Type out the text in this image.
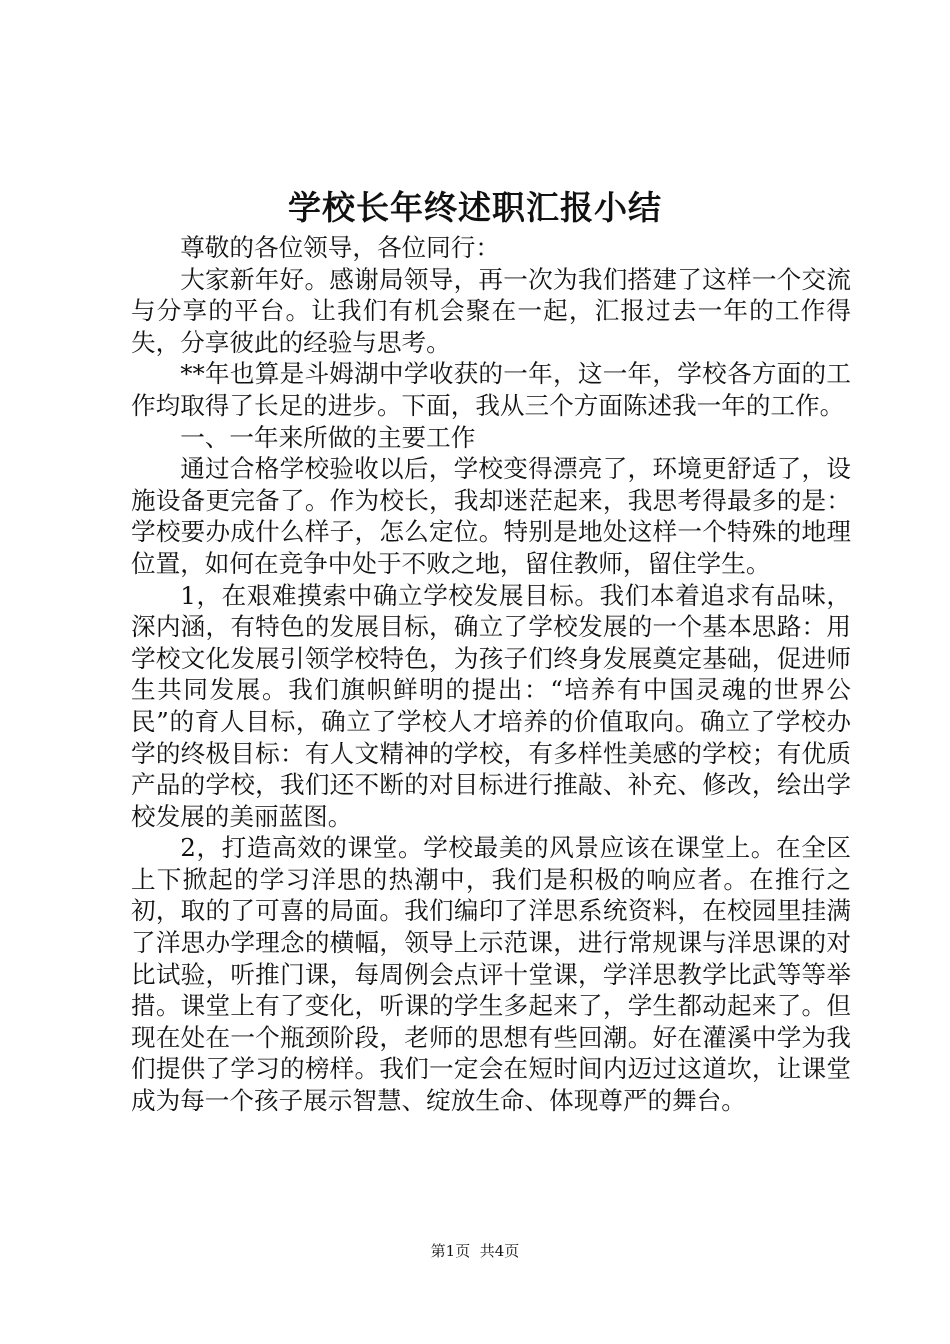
学校长年终述职汇报小结

尊敬的各位领导，各位同行：

大家新年好。感谢局领导，再一次为我们搭建了这样一个交流与分享的平台。让我们有机会聚在一起，汇报过去一年的工作得失，分享彼此的经验与思考。

**年也算是斗姆湖中学收获的一年，这一年，学校各方面的工作均取得了长足的进步。下面，我从三个方面陈述我一年的工作。

一、一年来所做的主要工作

通过合格学校验收以后，学校变得漂亮了，环境更舒适了，设施设备更完备了。作为校长，我却迷茫起来，我思考得最多的是：学校要办成什么样子，怎么定位。特别是地处这样一个特殊的地理位置，如何在竞争中处于不败之地，留住教师，留住学生。

1，在艰难摸索中确立学校发展目标。我们本着追求有品味，深内涵，有特色的发展目标，确立了学校发展的一个基本思路：用学校文化发展引领学校特色，为孩子们终身发展奠定基础，促进师生共同发展。我们旗帜鲜明的提出：“培养有中国灵魂的世界公民”的育人目标，确立了学校人才培养的价值取向。确立了学校办学的终极目标：有人文精神的学校，有多样性美感的学校；有优质产品的学校，我们还不断的对目标进行推敲、补充、修改，绘出学校发展的美丽蓝图。

2，打造高效的课堂。学校最美的风景应该在课堂上。在全区上下掀起的学习洋思的热潮中，我们是积极的响应者。在推行之初，取的了可喜的局面。我们编印了洋思系统资料，在校园里挂满了洋思办学理念的横幅，领导上示范课，进行常规课与洋思课的对比试验，听推门课，每周例会点评十堂课，学洋思教学比武等等举措。课堂上有了变化，听课的学生多起来了，学生都动起来了。但现在处在一个瓶颈阶段，老师的思想有些回潮。好在灌溪中学为我们提供了学习的榜样。我们一定会在短时间内迈过这道坎，让课堂成为每一个孩子展示智慧、绽放生命、体现尊严的舞台。

第1页 共4页
